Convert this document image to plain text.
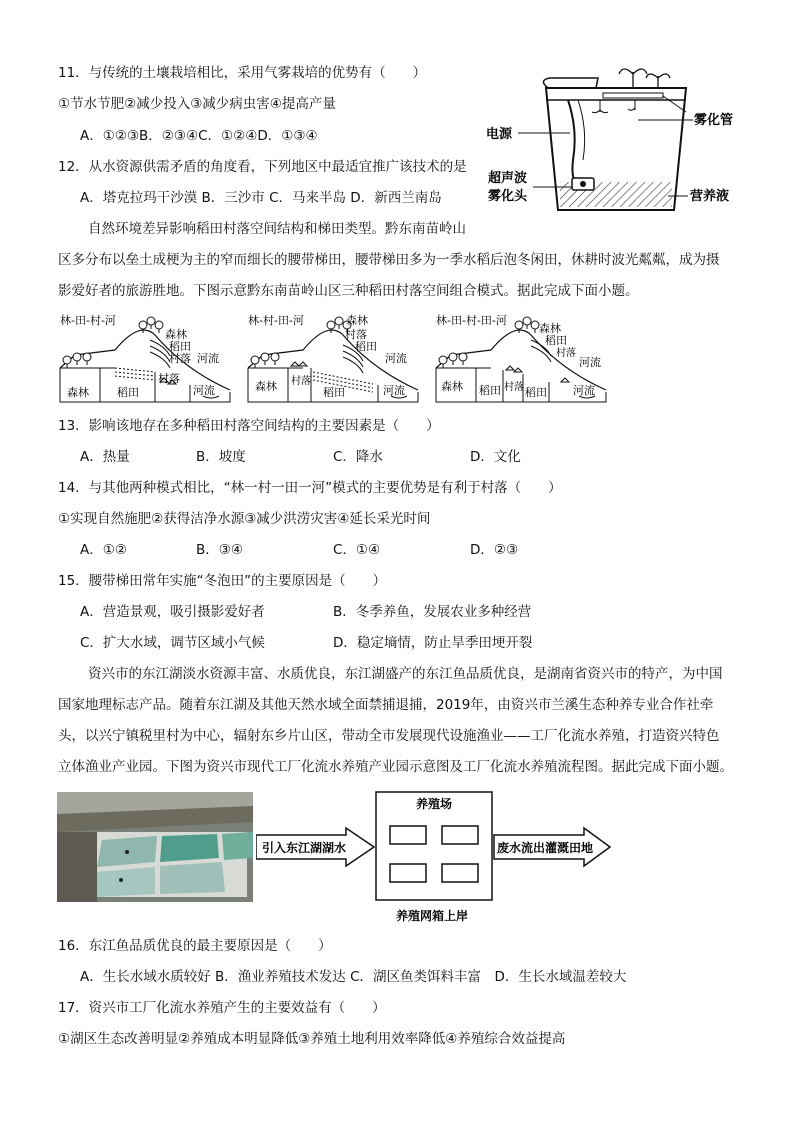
11．与传统的土壤栽培相比，采用气雾栽培的优势有（　　）
①节水节肥②减少投入③减少病虫害④提高产量
A．①②③B．②③④C．①②④D．①③④	电源
雾化管
超声波
雾化头	营养液
12．从水资源供需矛盾的角度看，下列地区中最适宜推广该技术的是
A．塔克拉玛干沙漠 B．三沙市 C．马来半岛 D．新西兰南岛
自然环境差异影响稻田村落空间结构和梯田类型。黔东南苗岭山
区多分布以垒土成梗为主的窄而细长的腰带梯田，腰带梯田多为一季水稻后泡冬闲田，休耕时波光粼粼，成为摄
影爱好者的旅游胜地。下图示意黔东南苗岭山区三种稻田村落空间组合模式。据此完成下面小题。
林-田-村-河
森林
稻田
村落 河流
森林	稻田
村落
河流
林-村-田-河	森林
村落
稻田
河流
森林 村落
稻田	河流
林-田-村-田-河
森林
稻田
村落
河流
森林 稻田 村落 稻田 河流
13．影响该地存在多种稻田村落空间结构的主要因素是（　　）
A．热量	B．坡度	C．降水	D．文化
14．与其他两种模式相比，“林一村一田一河”模式的主要优势是有利于村落（　　）
①实现自然施肥②获得洁净水源③减少洪涝灾害④延长采光时间
A．①②	B．③④	C．①④	D．②③
15．腰带梯田常年实施“冬泡田”的主要原因是（　　）
A．营造景观，吸引摄影爱好者	B．冬季养鱼，发展农业多种经营
C．扩大水域，调节区域小气候	D．稳定墒情，防止旱季田埂开裂
资兴市的东江湖淡水资源丰富、水质优良，东江湖盛产的东江鱼品质优良，是湖南省资兴市的特产，为中国
国家地理标志产品。随着东江湖及其他天然水域全面禁捕退捕，2019年，由资兴市兰溪生态种养专业合作社牵
头，以兴宁镇税里村为中心，辐射东乡片山区，带动全市发展现代设施渔业——工厂化流水养殖，打造资兴特色
立体渔业产业园。下图为资兴市现代工厂化流水养殖产业园示意图及工厂化流水养殖流程图。据此完成下面小题。
引入东江湖湖水
养殖场
废水流出灌溉田地
养殖网箱上岸
16．东江鱼品质优良的最主要原因是（　　）
A．生长水域水质较好 B．渔业养殖技术发达 C．湖区鱼类饵料丰富　D．生长水域温差较大
17．资兴市工厂化流水养殖产生的主要效益有（　　）
①湖区生态改善明显②养殖成本明显降低③养殖土地利用效率降低④养殖综合效益提高
